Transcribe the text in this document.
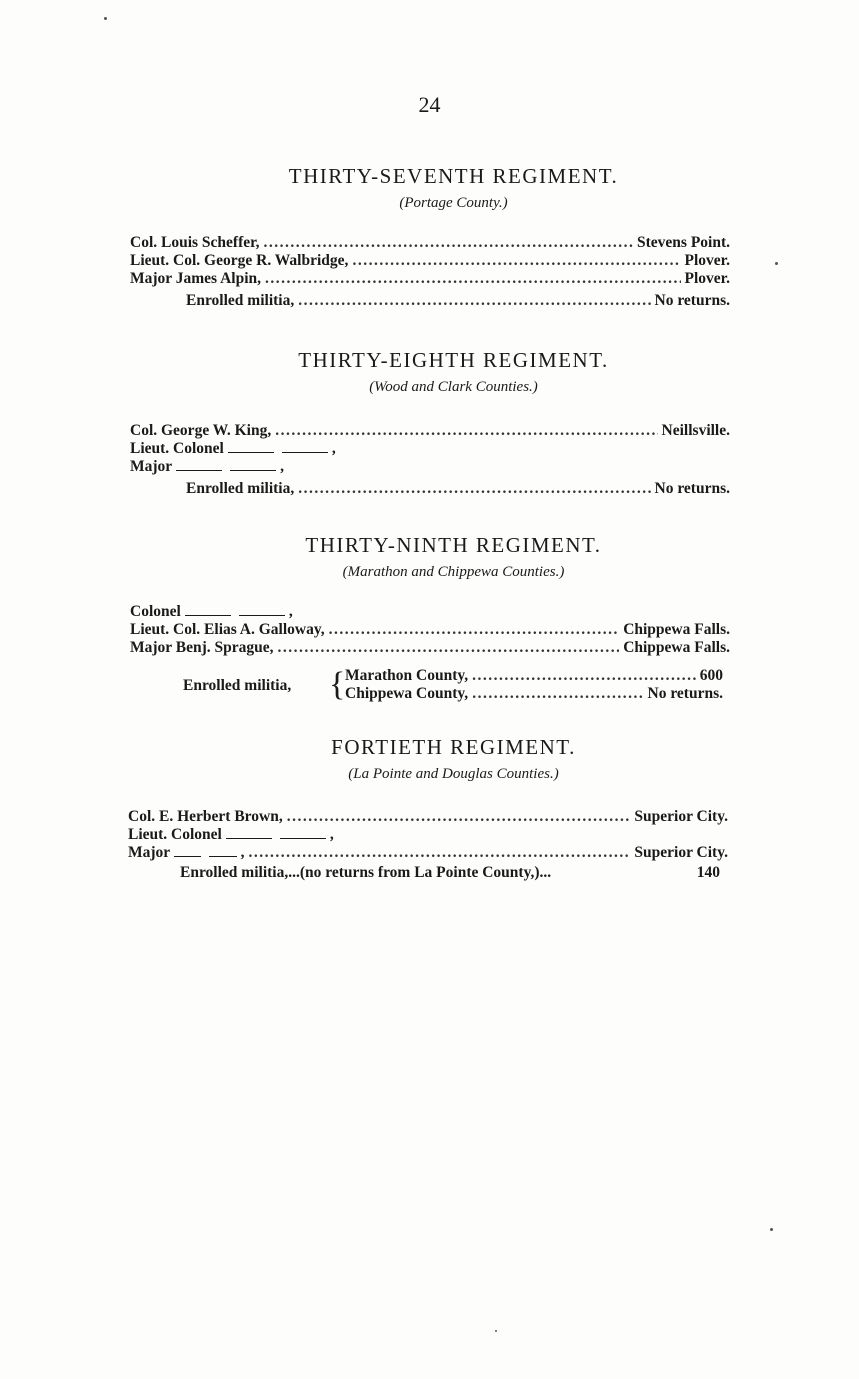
24
THIRTY-SEVENTH REGIMENT.
(Portage County.)
Col. Louis Scheffer, .....	Stevens Point.
Lieut. Col. George R. Walbridge, .....	Plover.
Major James Alpin, .....	Plover.
Enrolled militia, .....	No returns.
THIRTY-EIGHTH REGIMENT.
(Wood and Clark Counties.)
Col. George W. King, .....	Neillsville.
Lieut. Colonel	,
Major	,
Enrolled militia, .....	No returns.
THIRTY-NINTH REGIMENT.
(Marathon and Chippewa Counties.)
Colonel	,
Lieut. Col. Elias A. Galloway, .....	Chippewa Falls.
Major Benj. Sprague, .....	Chippewa Falls.
Enrolled militia, { Marathon County, .....	600
Chippewa County, .....	No returns.
FORTIETH REGIMENT.
(La Pointe and Douglas Counties.)
Col. E. Herbert Brown, .....	Superior City.
Lieut. Colonel	,
Major	, .....	Superior City.
Enrolled militia,...(no returns from La Pointe County,)...	140
